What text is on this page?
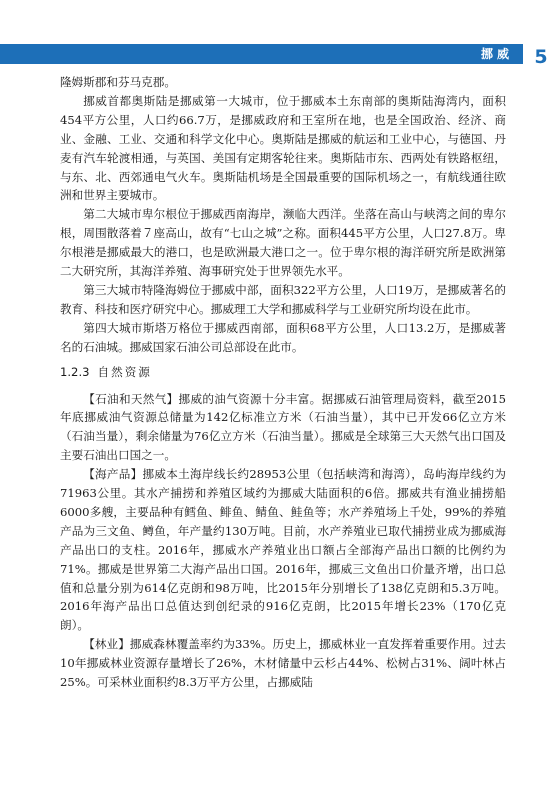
挪威	5

隆姆斯郡和芬马克郡。

挪威首都奥斯陆是挪威第一大城市，位于挪威本土东南部的奥斯陆海湾内，面积454平方公里，人口约66.7万，是挪威政府和王室所在地，也是全国政治、经济、商业、金融、工业、交通和科学文化中心。奥斯陆是挪威的航运和工业中心，与德国、丹麦有汽车轮渡相通，与英国、美国有定期客轮往来。奥斯陆市东、西两处有铁路枢纽，与东、北、西郊通电气火车。奥斯陆机场是全国最重要的国际机场之一，有航线通往欧洲和世界主要城市。

第二大城市卑尔根位于挪威西南海岸，濒临大西洋。坐落在高山与峡湾之间的卑尔根，周围散落着７座高山，故有“七山之城”之称。面积445平方公里，人口27.8万。卑尔根港是挪威最大的港口，也是欧洲最大港口之一。位于卑尔根的海洋研究所是欧洲第二大研究所，其海洋养殖、海事研究处于世界领先水平。

第三大城市特隆海姆位于挪威中部，面积322平方公里，人口19万，是挪威著名的教育、科技和医疗研究中心。挪威理工大学和挪威科学与工业研究所均设在此市。

第四大城市斯塔万格位于挪威西南部，面积68平方公里，人口13.2万，是挪威著名的石油城。挪威国家石油公司总部设在此市。

1.2.3 自然资源

【石油和天然气】挪威的油气资源十分丰富。据挪威石油管理局资料，截至2015年底挪威油气资源总储量为142亿标准立方米（石油当量），其中已开发66亿立方米（石油当量），剩余储量为76亿立方米（石油当量）。挪威是全球第三大天然气出口国及主要石油出口国之一。

【海产品】挪威本土海岸线长约28953公里（包括峡湾和海湾），岛屿海岸线约为71963公里。其水产捕捞和养殖区域约为挪威大陆面积的6倍。挪威共有渔业捕捞船6000多艘，主要品种有鳕鱼、鲱鱼、鲭鱼、鲑鱼等；水产养殖场上千处，99%的养殖产品为三文鱼、鳟鱼，年产量约130万吨。目前，水产养殖业已取代捕捞业成为挪威海产品出口的支柱。2016年，挪威水产养殖业出口额占全部海产品出口额的比例约为71%。挪威是世界第二大海产品出口国。2016年，挪威三文鱼出口价量齐增，出口总值和总量分别为614亿克朗和98万吨，比2015年分别增长了138亿克朗和5.3万吨。2016年海产品出口总值达到创纪录的916亿克朗，比2015年增长23%（170亿克朗）。

【林业】挪威森林覆盖率约为33%。历史上，挪威林业一直发挥着重要作用。过去10年挪威林业资源存量增长了26%，木材储量中云杉占44%、松树占31%、阔叶林占25%。可采林业面积约8.3万平方公里，占挪威陆
